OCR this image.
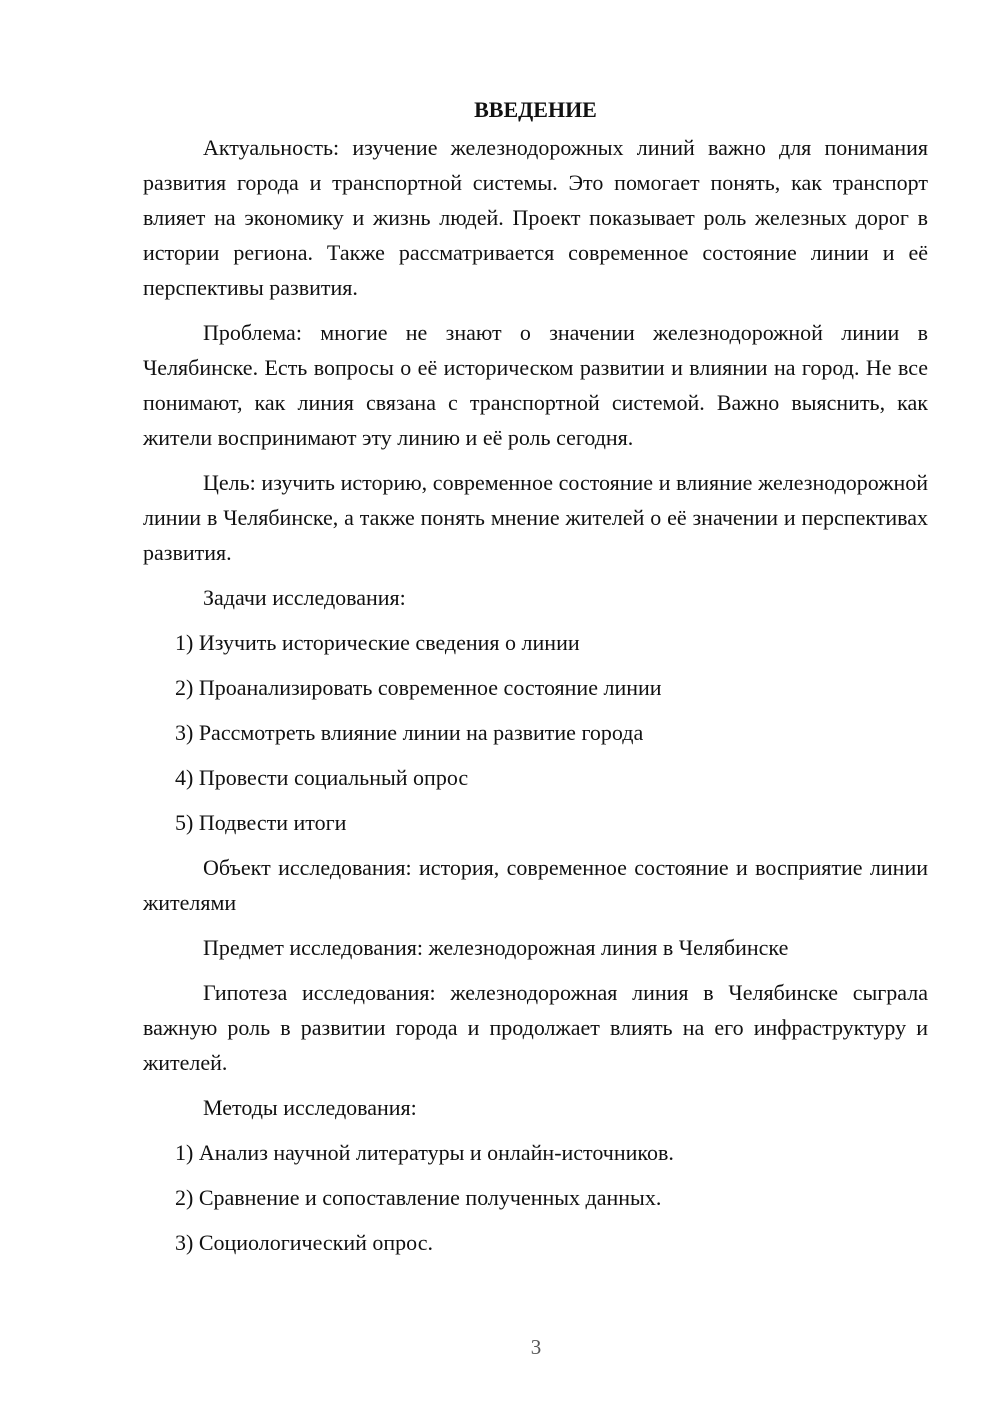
ВВЕДЕНИЕ

Актуальность: изучение железнодорожных линий важно для понимания развития города и транспортной системы. Это помогает понять, как транспорт влияет на экономику и жизнь людей. Проект показывает роль железных дорог в истории региона. Также рассматривается современное состояние линии и её перспективы развития.

Проблема: многие не знают о значении железнодорожной линии в Челябинске. Есть вопросы о её историческом развитии и влиянии на город. Не все понимают, как линия связана с транспортной системой. Важно выяснить, как жители воспринимают эту линию и её роль сегодня.

Цель: изучить историю, современное состояние и влияние железнодорожной линии в Челябинске, а также понять мнение жителей о её значении и перспективах развития.

Задачи исследования:

1) Изучить исторические сведения о линии
2) Проанализировать современное состояние линии
3) Рассмотреть влияние линии на развитие города
4) Провести социальный опрос
5) Подвести итоги

Объект исследования: история, современное состояние и восприятие линии жителями

Предмет исследования: железнодорожная линия в Челябинске

Гипотеза исследования: железнодорожная линия в Челябинске сыграла важную роль в развитии города и продолжает влиять на его инфраструктуру и жителей.

Методы исследования:

1) Анализ научной литературы и онлайн-источников.
2) Сравнение и сопоставление полученных данных.
3) Социологический опрос.
3
